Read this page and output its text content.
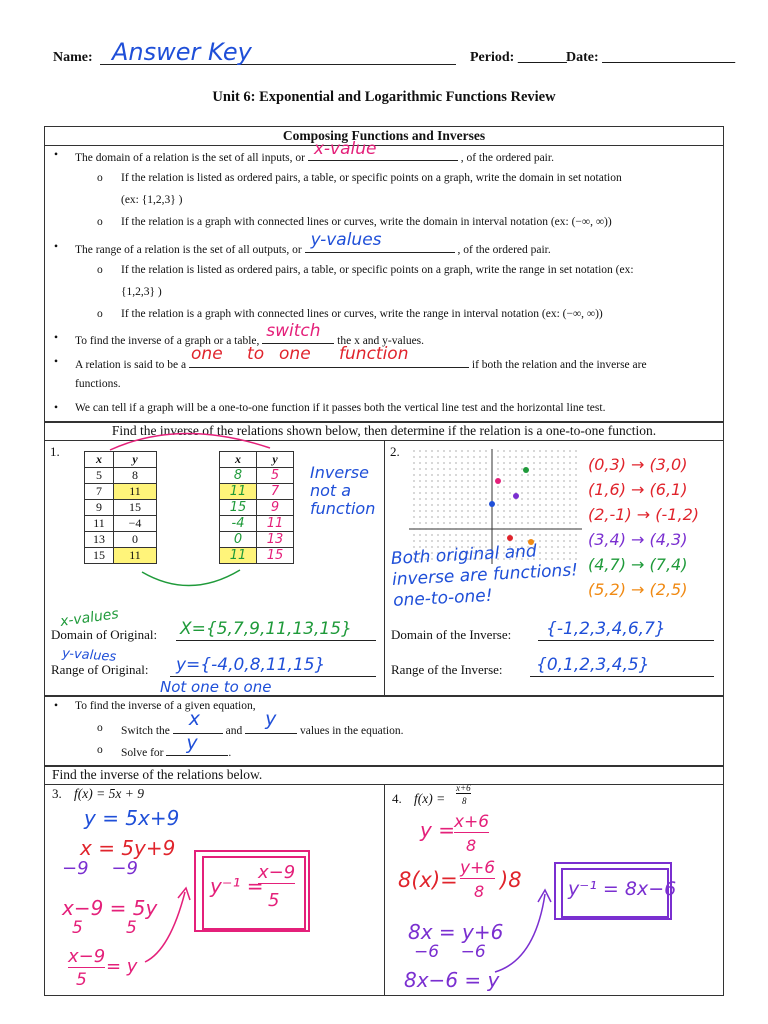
Name: Answer Key	Period: _______ Date: ___________________
Unit 6: Exponential and Logarithmic Functions Review
Composing Functions and Inverses
• The domain of a relation is the set of all inputs, or x-value	, of the ordered pair.
o If the relation is listed as ordered pairs, a table, or specific points on a graph, write the domain in set notation
(ex: {1,2,3} )
o If the relation is a graph with connected lines or curves, write the domain in interval notation (ex: (−∞, ∞))
• The range of a relation is the set of all outputs, or y-values	, of the ordered pair.
o If the relation is listed as ordered pairs, a table, or specific points on a graph, write the range in set notation (ex:
{1,2,3} )
o If the relation is a graph with connected lines or curves, write the range in interval notation (ex: (−∞, ∞))
• To find the inverse of a graph or a table, switch the x and y-values.
• A relation is said to be a
one to one function
if both the relation and the inverse are
functions.
• We can tell if a graph will be a one-to-one function if it passes both the vertical line test and the horizontal line test.
Find the inverse of the relations shown below, then determine if the relation is a one-to-one function.
1.	x	y
5	8
7	11
9	15
11	−4
13	0
15	11
x	y
8	5
11	7
15	9
-4	11
0	13
11	15
Inverse not a function
x-values
Domain of Original: X={5,7,9,11,13,15}
y-values
Range of Original: y={-4,0,8,11,15}
Not one to one
2.
(0,3) → (3,0)
(1,6) → (6,1)
(2,-1) → (-1,2)
(3,4) → (4,3)
(4,7) → (7,4)
(5,2) → (2,5)
Both original and inverse are functions! one-to-one!
Domain of the Inverse: {-1,2,3,4,6,7}
Range of the Inverse: {0,1,2,3,4,5}
• To find the inverse of a given equation,
o Switch the
x
and
y
values in the equation.
o Solve for y	.
Find the inverse of the relations below.
3. f(x) = 5x + 9
y = 5x+9
x = 5y+9
−9    −9
x−9 = 5y
5        5
x−9
5
= y
y⁻¹ =
x−9
5
4. f(x) =
x+6
8
y = x+6
8
8(x)= y+6
8 )8
8x = y+6
−6    −6
8x−6 = y
y⁻¹ = 8x−6
